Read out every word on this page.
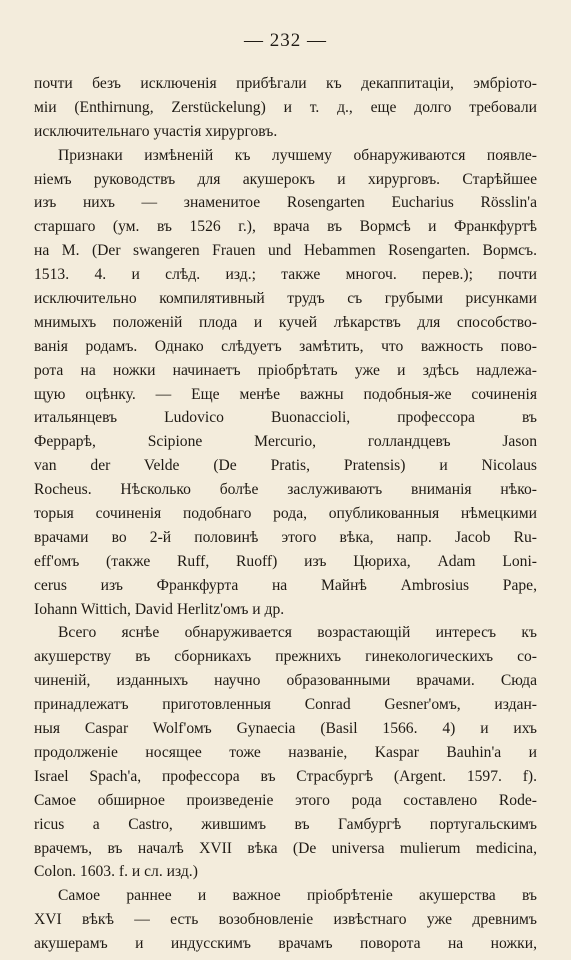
— 232 —
почти безъ исключенія прибѣгали къ декаппитаціи, эмбріото-
міи (Enthirnung, Zerstückelung) и т. д., еще долго требовали
исключительнаго участія хирурговъ.
Признаки измѣненій къ лучшему обнаруживаются появле-
ніемъ руководствъ для акушерокъ и хирурговъ. Старѣйшее
изъ нихъ — знаменитое Rosengarten Eucharius Rösslin'а
старшаго (ум. въ 1526 г.), врача въ Вормсѣ и Франкфуртѣ
на М. (Der swangeren Frauen und Hebammen Rosengarten. Вормсъ.
1513. 4. и слѣд. изд.; также многоч. перев.); почти
исключительно компилятивный трудъ съ грубыми рисунками
мнимыхъ положеній плода и кучей лѣкарствъ для способство-
ванія родамъ. Однако слѣдуетъ замѣтить, что важность пово-
рота на ножки начинаетъ пріобрѣтать уже и здѣсь надлежа-
щую оцѣнку. — Еще менѣе важны подобныя-же сочиненія
итальянцевъ Ludovico Buonaccioli, профессора въ
Феррарѣ, Scipione Mercurio, голландцевъ Jason
van der Velde (De Pratis, Pratensis) и Nicolaus
Rocheus. Нѣсколько болѣе заслуживаютъ вниманія нѣко-
торыя сочиненія подобнаго рода, опубликованныя нѣмецкими
врачами во 2-й половинѣ этого вѣка, напр. Jacob Ru-
eff'омъ (также Ruff, Ruoff) изъ Цюриха, Adam Loni-
cerus изъ Франкфурта на Майнѣ Ambrosius Pape,
Iohann Wittich, David Herlitz'омъ и др.
Всего яснѣе обнаруживается возрастающій интересъ къ
акушерству въ сборникахъ прежнихъ гинекологическихъ со-
чиненій, изданныхъ научно образованными врачами. Сюда
принадлежатъ приготовленныя Conrad Gesner'омъ, издан-
ныя Caspar Wolf'омъ Gynaecia (Basil 1566. 4) и ихъ
продолженіе носящее тоже названіе, Kaspar Bauhin'a и
Israel Spach'a, профессора въ Страсбургѣ (Argent. 1597. f).
Самое обширное произведеніе этого рода составлено Rode-
ricus a Castro, жившимъ въ Гамбургѣ португальскимъ
врачемъ, въ началѣ XVII вѣка (De universa mulierum medicina,
Colon. 1603. f. и сл. изд.)
Самое раннее и важное пріобрѣтеніе акушерства въ
XVI вѣкѣ — есть возобновленіе извѣстнаго уже древнимъ
акушерамъ и индусскимъ врачамъ поворота на ножки,
